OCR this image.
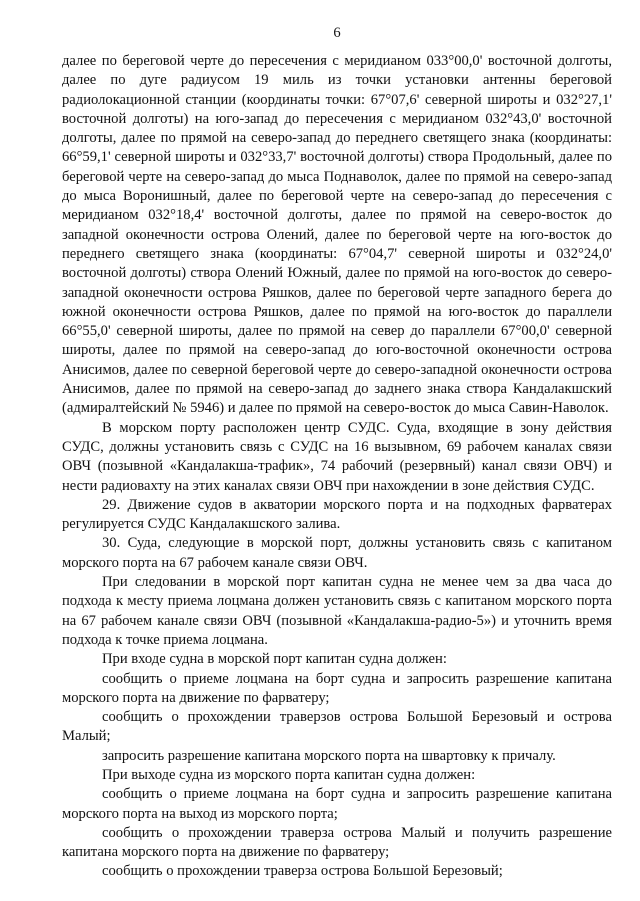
6

далее по береговой черте до пересечения с меридианом 033°00,0' восточной долготы, далее по дуге радиусом 19 миль из точки установки антенны береговой радиолокационной станции (координаты точки: 67°07,6' северной широты и 032°27,1' восточной долготы) на юго-запад до пересечения с меридианом 032°43,0' восточной долготы, далее по прямой на северо-запад до переднего светящего знака (координаты: 66°59,1' северной широты и 032°33,7' восточной долготы) створа Продольный, далее по береговой черте на северо-запад до мыса Поднаволок, далее по прямой на северо-запад до мыса Воронишный, далее по береговой черте на северо-запад до пересечения с меридианом 032°18,4' восточной долготы, далее по прямой на северо-восток до западной оконечности острова Олений, далее по береговой черте на юго-восток до переднего светящего знака (координаты: 67°04,7' северной широты и 032°24,0' восточной долготы) створа Олений Южный, далее по прямой на юго-восток до северо-западной оконечности острова Ряшков, далее по береговой черте западного берега до южной оконечности острова Ряшков, далее по прямой на юго-восток до параллели 66°55,0' северной широты, далее по прямой на север до параллели 67°00,0' северной широты, далее по прямой на северо-запад до юго-восточной оконечности острова Анисимов, далее по северной береговой черте до северо-западной оконечности острова Анисимов, далее по прямой на северо-запад до заднего знака створа Кандалакшский (адмиралтейский № 5946) и далее по прямой на северо-восток до мыса Савин-Наволок.

В морском порту расположен центр СУДС. Суда, входящие в зону действия СУДС, должны установить связь с СУДС на 16 вызывном, 69 рабочем каналах связи ОВЧ (позывной «Кандалакша-трафик», 74 рабочий (резервный) канал связи ОВЧ) и нести радиовахту на этих каналах связи ОВЧ при нахождении в зоне действия СУДС.

29. Движение судов в акватории морского порта и на подходных фарватерах регулируется СУДС Кандалакшского залива.

30. Суда, следующие в морской порт, должны установить связь с капитаном морского порта на 67 рабочем канале связи ОВЧ.

При следовании в морской порт капитан судна не менее чем за два часа до подхода к месту приема лоцмана должен установить связь с капитаном морского порта на 67 рабочем канале связи ОВЧ (позывной «Кандалакша-радио-5») и уточнить время подхода к точке приема лоцмана.

При входе судна в морской порт капитан судна должен:

сообщить о приеме лоцмана на борт судна и запросить разрешение капитана морского порта на движение по фарватеру;

сообщить о прохождении траверзов острова Большой Березовый и острова Малый;

запросить разрешение капитана морского порта на швартовку к причалу.

При выходе судна из морского порта капитан судна должен:

сообщить о приеме лоцмана на борт судна и запросить разрешение капитана морского порта на выход из морского порта;

сообщить о прохождении траверза острова Малый и получить разрешение капитана морского порта на движение по фарватеру;

сообщить о прохождении траверза острова Большой Березовый;
